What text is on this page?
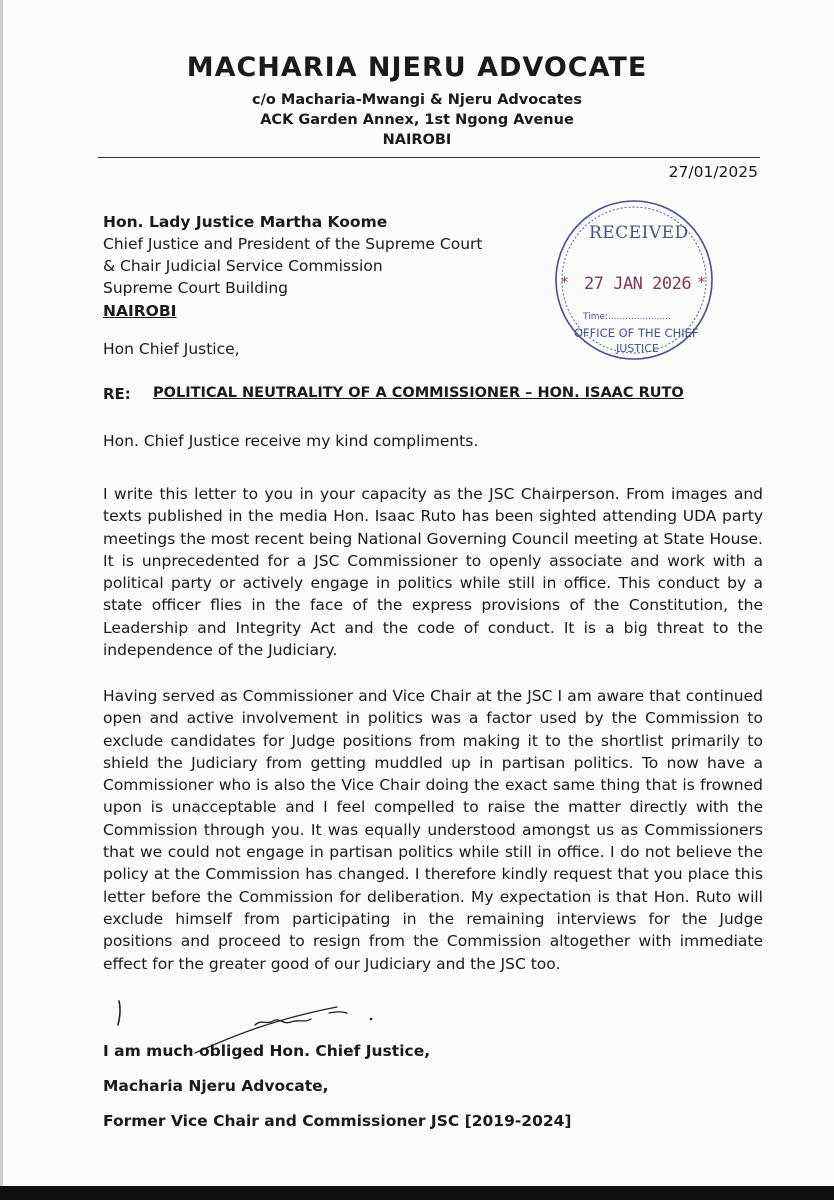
MACHARIA NJERU ADVOCATE
c/o Macharia-Mwangi & Njeru Advocates
ACK Garden Annex, 1st Ngong Avenue
NAIROBI
27/01/2025
Hon. Lady Justice Martha Koome
Chief Justice and President of the Supreme Court
& Chair Judicial Service Commission
Supreme Court Building
NAIROBI
RECEIVED
* 27 JAN 2026 *
Time:......................
OFFICE OF THE CHIEF
JUSTICE
Hon Chief Justice,
RE: POLITICAL NEUTRALITY OF A COMMISSIONER – HON. ISAAC RUTO

Hon. Chief Justice receive my kind compliments.

I write this letter to you in your capacity as the JSC Chairperson. From images and texts published in the media Hon. Isaac Ruto has been sighted attending UDA party meetings the most recent being National Governing Council meeting at State House. It is unprecedented for a JSC Commissioner to openly associate and work with a political party or actively engage in politics while still in office. This conduct by a state officer flies in the face of the express provisions of the Constitution, the Leadership and Integrity Act and the code of conduct. It is a big threat to the independence of the Judiciary.

Having served as Commissioner and Vice Chair at the JSC I am aware that continued open and active involvement in politics was a factor used by the Commission to exclude candidates for Judge positions from making it to the shortlist primarily to shield the Judiciary from getting muddled up in partisan politics. To now have a Commissioner who is also the Vice Chair doing the exact same thing that is frowned upon is unacceptable and I feel compelled to raise the matter directly with the Commission through you. It was equally understood amongst us as Commissioners that we could not engage in partisan politics while still in office. I do not believe the policy at the Commission has changed. I therefore kindly request that you place this letter before the Commission for deliberation. My expectation is that Hon. Ruto will exclude himself from participating in the remaining interviews for the Judge positions and proceed to resign from the Commission altogether with immediate effect for the greater good of our Judiciary and the JSC too.

I am much obliged Hon. Chief Justice,
Macharia Njeru Advocate,
Former Vice Chair and Commissioner JSC [2019-2024]
